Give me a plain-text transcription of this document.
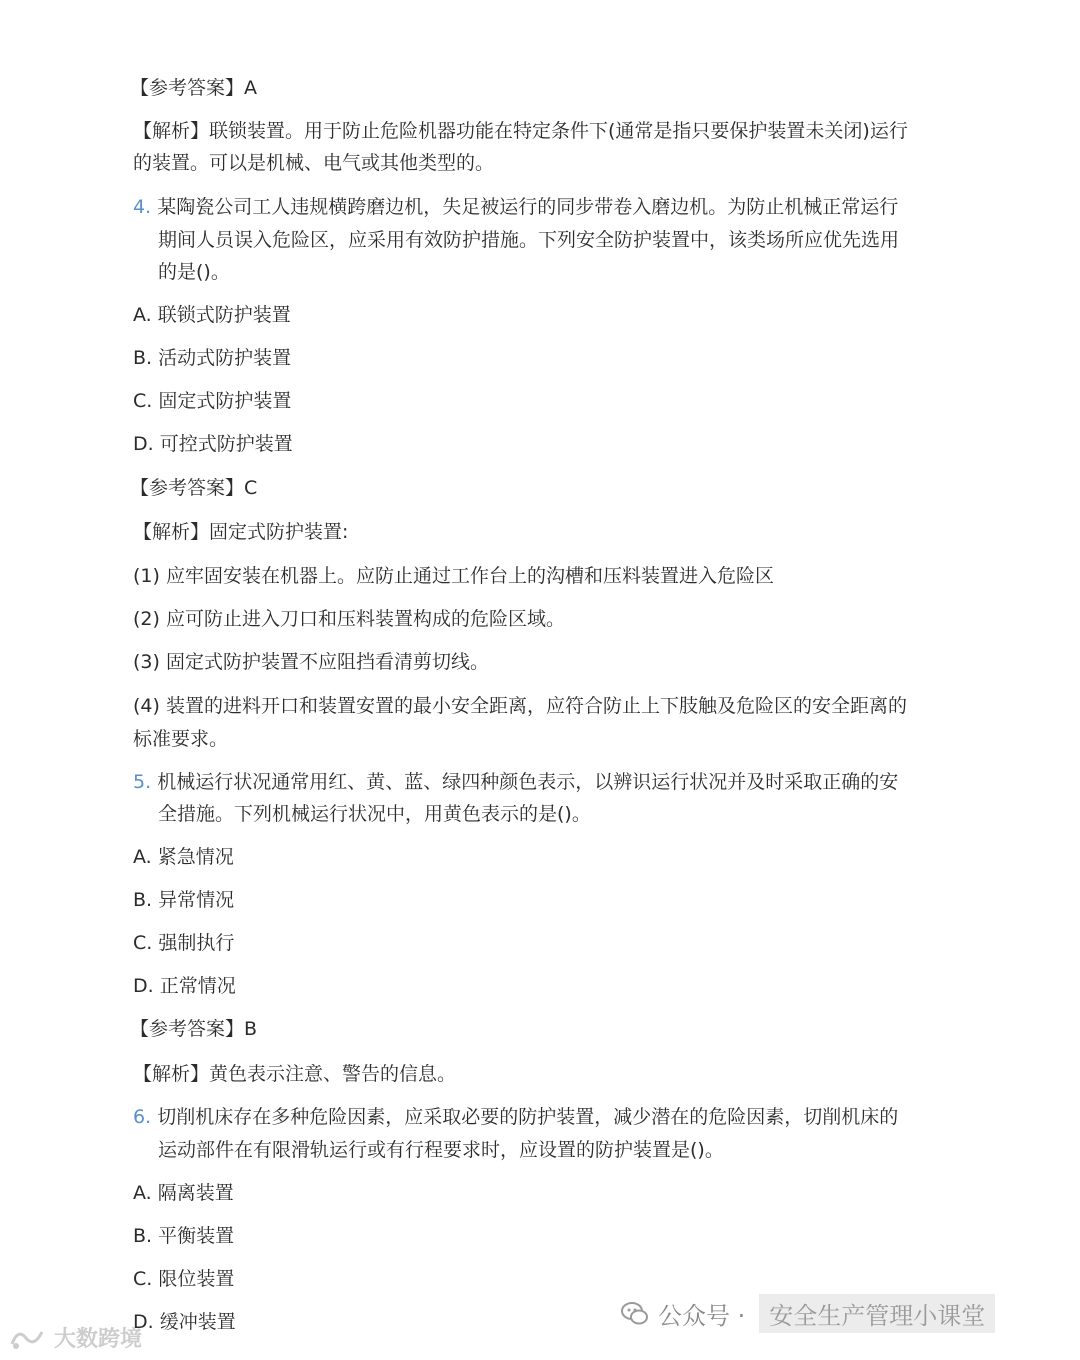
【参考答案】A

【解析】联锁装置。用于防止危险机器功能在特定条件下(通常是指只要保护装置未关闭)运行

的装置。可以是机械、电气或其他类型的。

4. 某陶瓷公司工人违规横跨磨边机，失足被运行的同步带卷入磨边机。为防止机械正常运行

期间人员误入危险区，应采用有效防护措施。下列安全防护装置中，该类场所应优先选用

的是()。

A. 联锁式防护装置

B. 活动式防护装置

C. 固定式防护装置

D. 可控式防护装置

【参考答案】C

【解析】固定式防护装置:

(1) 应牢固安装在机器上。应防止通过工作台上的沟槽和压料装置进入危险区

(2) 应可防止进入刀口和压料装置构成的危险区域。

(3) 固定式防护装置不应阻挡看清剪切线。

(4) 装置的进料开口和装置安置的最小安全距离，应符合防止上下肢触及危险区的安全距离的

标准要求。

5. 机械运行状况通常用红、黄、蓝、绿四种颜色表示，以辨识运行状况并及时采取正确的安

全措施。下列机械运行状况中，用黄色表示的是()。

A. 紧急情况

B. 异常情况

C. 强制执行

D. 正常情况

【参考答案】B

【解析】黄色表示注意、警告的信息。

6. 切削机床存在多种危险因素，应采取必要的防护装置，减少潜在的危险因素，切削机床的

运动部件在有限滑轨运行或有行程要求时，应设置的防护装置是()。

A. 隔离装置

B. 平衡装置

C. 限位装置

D. 缓冲装置	公众号 ·	安全生产管理小课堂
大数跨境
